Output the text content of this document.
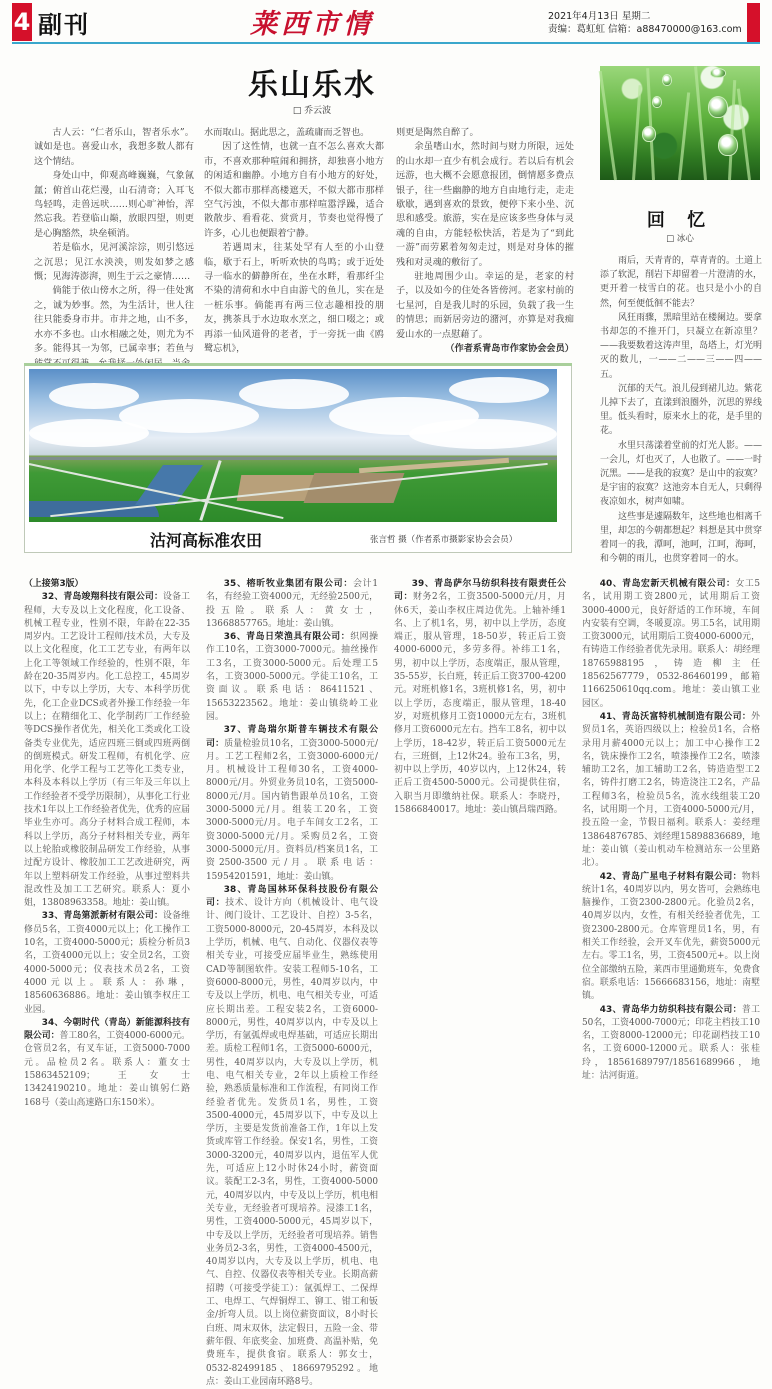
4 副刊	莱西市情	2021年4月13日 星期二
责编：葛虹虹 信箱：a88470000@163.com
乐山乐水
□ 乔云波

古人云：“仁者乐山，智者乐水”。诚如是也。喜爱山水，我想多数人都有这个情结。

身处山中，仰观高峰巍巍，气象氤氲；俯首山花烂漫，山石清奇；入耳飞鸟轻鸣，走兽远吠……则心旷神怡，浑然忘我。若登临山巅，放眼四望，则更是心胸豁然，块垒顿消。

若是临水，见河溪淙淙，则引悠远之沉思；见江水泱泱，则发如梦之感慨；见海涛澎湃，则生于云之豪情……

倘能于依山傍水之所，得一佳处寓之，诚为妙事。然，为生活计，世人往往只能委身市井。市井之地，山不多，水亦不多也。山水相融之处，则尤为不多。能得其一为邻，已属幸事；若鱼与

水而取山。据此思之，盖疏庸而乏智也。

因了这性情，也就一直不怎么喜欢大都市，不喜欢那种喧闹和拥挤，却独喜小地方的闲适和幽静。小地方自有小地方的好处，不似大都市那样高楼遮天，不似大都市那样空气污浊，不似大都市那样喧嚣浮躁，适合散散步、看看花、赏赏月，节奏也觉得慢了许多，心儿也便跟着宁静。

若遇周末，往某处罕有人至的小山登临，歇于石上，听听欢快的鸟鸣；或于近处寻一临水的僻静所在，坐在水畔，看那纤尘不染的清荷和水中自由游弋的鱼儿，实在是一桩乐事。倘能再有两三位志趣相投的朋友，携茶具于水边取水烹之，细口啜之；或再添一仙风道骨的老者，于一旁抚一曲《鸥鹭忘机》，

则更是陶然自醉了。

余虽嗜山水，然时间与财力所限，远处的山水却一直少有机会成行。若以后有机会远游，也大概不会愿意报团，倒情愿多费点银子，往一些幽静的地方自由地行走，走走歇歇，遇到喜欢的景致，便停下来小坐、沉思和感受。旅游，实在是应该多些身体与灵魂的自由，方能轻松快活，若是为了“到此一游”而劳累着匆匆走过，则是对身体的摧残和对灵魂的敷衍了。

驻地周围少山。幸运的是，老家的村子，以及如今的住处各皆傍河。老家村前的七星河，自是我儿时的乐园，负载了我一生的情思；而新居旁边的潴河，亦算是对我痴爱山水的一点慰藉了。

（作者系青岛市作家协会会员）
回 忆
□ 冰心

雨后，天青青的，草青青的。土道上添了软泥，削岩下却留着一片澄清的水，更开着一枝雪白的花。也只是小小的自然，何至便低徊不能去？

风狂雨骤，黑暗里站在楼阑边。要拿书却怎的不推开门，只凝立在新凉里？——我要数着这涛声里，岛塔上，灯光明灭的数儿，一——二——三——四——五。

沉郁的天气。浪儿侵到裙儿边。紫花儿掉下去了，直漾到浪圈外，沉思的界线里。低头看时，原来水上的花，是手里的花。

水里只荡漾着堂前的灯光人影。——一会儿，灯也灭了，人也散了。——一时沉黑。——是我的寂寞？是山中的寂寞？是宇宙的寂寞？这池旁本自无人，只剩得夜凉如水，树声如啸。

这些事是遽隔数年，这些地也相离千里，却怎的今朝都想起？料想是其中贯穿着同一的我，潭呵，池呵，江呵，海呵，和今朝的雨儿，也贯穿着同一的水。

沽河高标准农田	张言哲 摄（作者系市摄影家协会会员）

（上接第3版）

32、青岛竣翔科技有限公司：设备工程师，大专及以上文化程度，化工设备、机械工程专业，性别不限，年龄在22-35周岁内。工艺设计工程师/技术员，大专及以上文化程度，化工工艺专业，有两年以上化工等领域工作经验的，性别不限，年龄在20-35周岁内。化工总控工，45周岁以下，中专以上学历，大专、本科学历优先，化工企业DCS或者外操工作经验一年以上；在精细化工、化学制药厂工作经验等DCS操作者优先，相关化工类或化工设备类专业优先，适应四班三倒或四班两倒的倒班模式。研发工程师，有机化学、应用化学、化学工程与工艺等化工类专业，本科及本科以上学历（有三年及三年以上工作经验者不受学历限制），从事化工行业技术1年以上工作经验者优先，优秀的应届毕业生亦可。高分子材料合成工程师，本科以上学历，高分子材料相关专业，两年以上轮胎或橡胶制品研发工作经验，从事过配方设计、橡胶加工工艺改进研究，两年以上塑料研发工作经验，从事过塑料共混改性及加工工艺研究。联系人：夏小姐，13808963358。地址：姜山镇。

33、青岛第派新材有限公司：设备维修员5名，工资4000元以上；化工操作工10名，工资4000-5000元；质检分析员3名，工资4000元以上；安全员2名，工资4000-5000元；仪表技术员2名，工资4000元以上。联系人：孙琳，18560636886。地址：姜山镇李权庄工业园。

34、今朝时代（青岛）新能源科技有限公司：普工80名，工资4000-6000元。仓管员2名，有叉车证，工资5000-7000元。品检员2名。联系人：董女士15863452109；王女士13424190210。地址：姜山镇躬仁路168号（姜山高速路口东150米）。

35、榕昕牧业集团有限公司：会计1名，有经验工资4000元，无经验2500元，投五险。联系人：黄女士，13668857765。地址：姜山镇。

36、青岛日荣渔具有限公司：织网操作工10名，工资3000-7000元。抽丝操作工3名，工资3000-5000元。后处理工5名，工资3000-5000元。学徒工10名，工资面议。联系电话：86411521、15653223562。地址：姜山镇绕岭工业园。

37、青岛瑞尔斯普车辆技术有限公司：质量检验员10名，工资3000-5000元/月。工艺工程师2名，工资3000-6000元/月。机械设计工程师30名，工资4000-8000元/月。外贸业务员10名，工资5000-8000元/月。国内销售跟单员10名，工资3000-5000元/月。组装工20名，工资3000-5000元/月。电子车间女工2名，工资3000-5000元/月。采购员2名，工资3000-5000元/月。资料员/档案员1名，工资2500-3500元/月。联系电话：15954201591，地址：姜山镇。

38、青岛国林环保科技股份有限公司：技术、设计方向（机械设计、电气设计、阀门设计、工艺设计、自控）3-5名，工资5000-8000元，20-45周岁，本科及以上学历，机械、电气、自动化、仪器仪表等相关专业，可接受应届毕业生，熟练使用CAD等制图软件。安装工程师5-10名，工资6000-8000元，男性，40周岁以内，中专及以上学历，机电、电气相关专业，可适应长期出差。工程安装2名，工资6000-8000元，男性，40周岁以内，中专及以上学历，有氩弧焊或电焊基础，可适应长期出差。质检工程师1名，工资5000-6000元，男性，40周岁以内，大专及以上学历，机电、电气相关专业，2年以上质检工作经验，熟悉质量标准和工作流程，有同岗工作经验者优先。发货员1名，男性，工资3500-4000元，45周岁以下，中专及以上学历，主要是发货前准备工作，1年以上发货或库管工作经验。保安1名，男性，工资3000-3200元，40周岁以内，退伍军人优先，可适应上12小时休24小时，薪资面议。装配工2-3名，男性，工资4000-5000元，40周岁以内，中专及以上学历，机电相关专业，无经验者可现培养。浸漆工1名，男性，工资4000-5000元，45周岁以下，中专及以上学历，无经验者可现培养。销售业务员2-3名，男性，工资4000-4500元，40周岁以内，大专及以上学历，机电、电气、自控、仪器仪表等相关专业。长期高薪招聘（可接受学徒工）：氩弧焊工、二保焊工、电焊工、气焊铜焊工、铆工、钳工和钣金/折弯人员。以上岗位薪资面议，8小时长白班、周末双休，法定假日，五险一金、带薪年假、年底奖金、加班费、高温补贴，免费班车，提供食宿。联系人：郭女士，0532-82499185、18669795292。地点：姜山工业园南环路8号。

39、青岛萨尔马纺织科技有限责任公司：财务2名，工资3500-5000元/月，月休6天，姜山李权庄周边优先。上轴补缍1名、上了机1名，男，初中以上学历，态度端正，服从管理，18-50岁，转正后工资4000-6000元，多劳多得。补纬工1名，男，初中以上学历，态度端正，服从管理，35-55岁，长白班，转正后工资3700-4200元。对班机修1名，3班机修1名，男，初中以上学历，态度端正，服从管理，18-40岁，对班机修月工资10000元左右，3班机修月工资6000元左右。挡车工8名，初中以上学历，18-42岁，转正后工资5000元左右，三班倒，上12休24。验布工3名，男，初中以上学历，40岁以内，上12休24，转正后工资4500-5000元。公司提供住宿，入职当月即缴纳社保。联系人：李晓丹，15866840017。地址：姜山镇昌瑞西路。

40、青岛宏新天机械有限公司：女工5名，试用期工资2800元，试用期后工资3000-4000元，良好舒适的工作环境，车间内安装有空调，冬暖夏凉。男工5名，试用期工资3000元，试用期后工资4000-6000元，有铸造工作经验者优先录用。联系人：胡经理18765988195，铸造柳主任18562567779，0532-86460199，邮箱1166250610qq.com。地址：姜山镇工业园区。

41、青岛沃富特机械制造有限公司：外贸员1名，英语四级以上；检验员1名，合格录用月薪4000元以上；加工中心操作工2名，铣床操作工2名，喷漆操作工2名，喷漆辅助工2名，加工辅助工2名，铸造造型工2名，铸件打磨工2名，铸造浇注工2名，产品工程师3名，检验员5名，流水线组装工20名，试用期一个月，工资4000-5000元/月，投五险一金，节假日福利。联系人：姜经理13864876785、刘经理15898836689，地址：姜山镇（姜山机动车检测站东一公里路北）。

42、青岛广星电子材料有限公司：物料统计1名，40周岁以内，男女皆可，会熟练电脑操作，工资2300-2800元。化验员2名，40周岁以内，女性，有相关经验者优先，工资2300-2800元。仓库管理员1名，男，有相关工作经验，会开叉车优先，薪资5000元左右。零工1名，男，工资4500元+。以上岗位全部缴纳五险，莱西市里通勤班车，免费食宿。联系电话：15666683156，地址：南墅镇。

43、青岛华力纺织科技有限公司：普工50名，工资4000-7000元；印花主档技工10名，工资8000-12000元；印花副档技工10名，工资6000-12000元。联系人：张桂玲，18561689797/18561689966，地址：沽河街道。
